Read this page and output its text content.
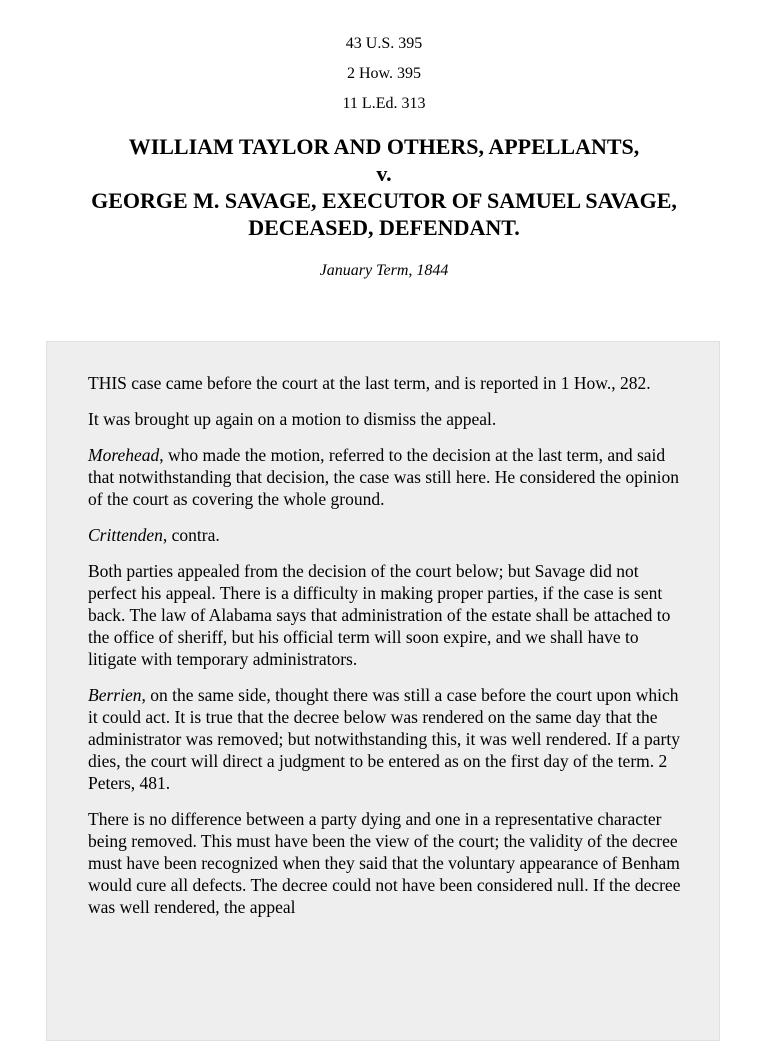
43 U.S. 395
2 How. 395
11 L.Ed. 313
WILLIAM TAYLOR AND OTHERS, APPELLANTS,
v.
GEORGE M. SAVAGE, EXECUTOR OF SAMUEL SAVAGE,
DECEASED, DEFENDANT.
January Term, 1844

THIS case came before the court at the last term, and is reported in 1 How., 282.

It was brought up again on a motion to dismiss the appeal.

Morehead, who made the motion, referred to the decision at the last term, and said that notwithstanding that decision, the case was still here. He considered the opinion of the court as covering the whole ground.

Crittenden, contra.

Both parties appealed from the decision of the court below; but Savage did not perfect his appeal. There is a difficulty in making proper parties, if the case is sent back. The law of Alabama says that administration of the estate shall be attached to the office of sheriff, but his official term will soon expire, and we shall have to litigate with temporary administrators.

Berrien, on the same side, thought there was still a case before the court upon which it could act. It is true that the decree below was rendered on the same day that the administrator was removed; but notwithstanding this, it was well rendered. If a party dies, the court will direct a judgment to be entered as on the first day of the term. 2 Peters, 481.

There is no difference between a party dying and one in a representative character being removed. This must have been the view of the court; the validity of the decree must have been recognized when they said that the voluntary appearance of Benham would cure all defects. The decree could not have been considered null. If the decree was well rendered, the appeal
